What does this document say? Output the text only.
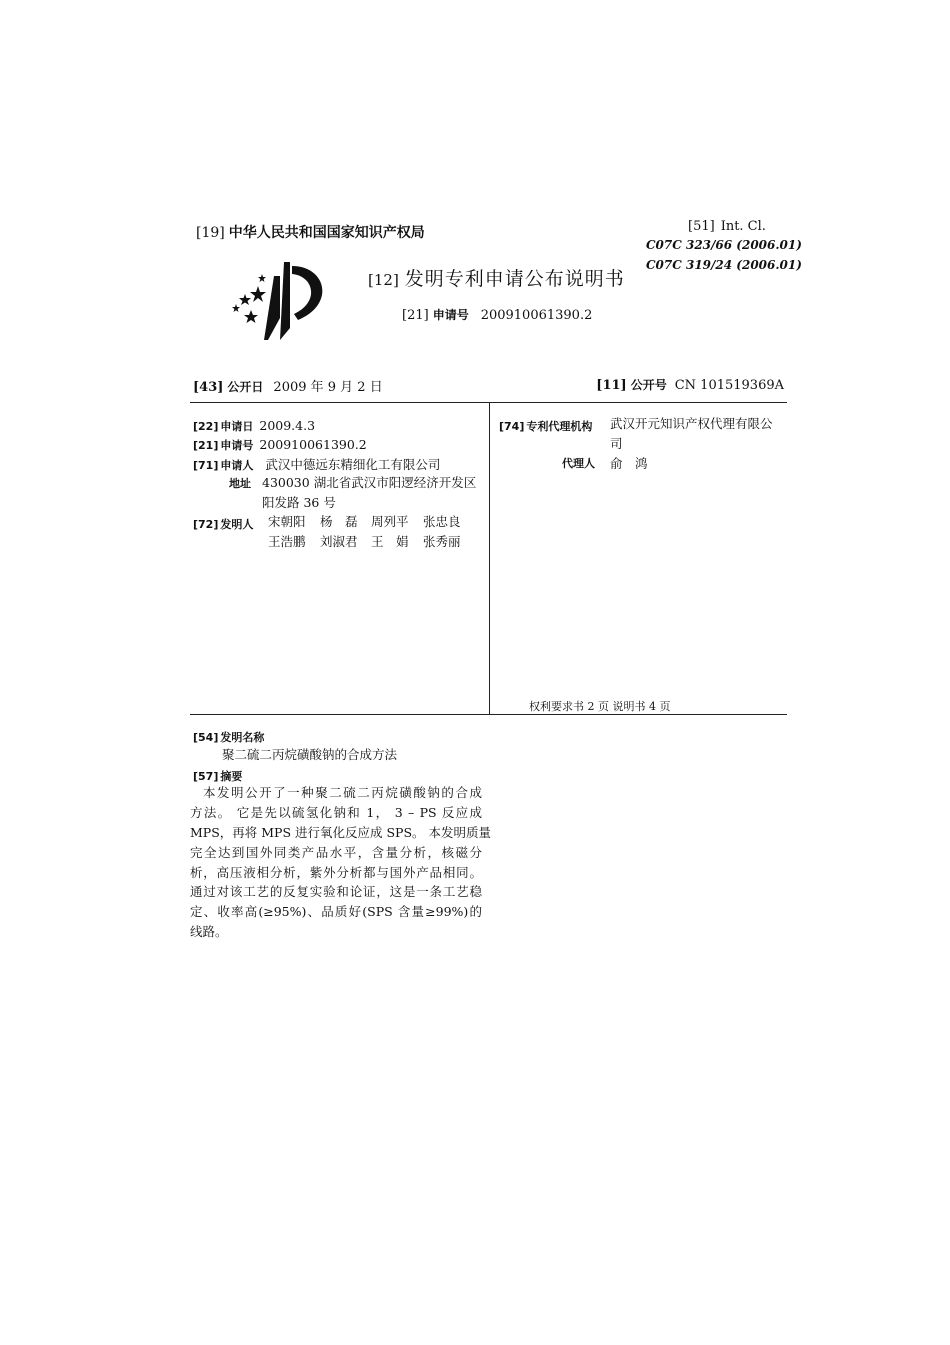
[19] 中华人民共和国国家知识产权局	[51] Int. Cl.
C07C 323/66 (2006.01)
C07C 319/24 (2006.01)
[12] 发明专利申请公布说明书
[21] 申请号 200910061390.2
[43] 公开日 2009 年 9 月 2 日	[11] 公开号 CN 101519369A
[22] 申请日 2009.4.3
[21] 申请号 200910061390.2
[71] 申请人 武汉中德远东精细化工有限公司
地址 430030 湖北省武汉市阳逻经济开发区
阳发路 36 号
[72] 发明人 宋朝阳 杨　磊 周列平 张忠良
王浩鹏 刘淑君 王　娟 张秀丽
[74] 专利代理机构 武汉开元知识产权代理有限公
司
代理人 俞　鸿
权利要求书 2 页 说明书 4 页
[54] 发明名称
聚二硫二丙烷磺酸钠的合成方法
[57] 摘要
本发明公开了一种聚二硫二丙烷磺酸钠的合成
方法。 它是先以硫氢化钠和 1， 3 – PS 反应成
MPS，再将 MPS 进行氧化反应成 SPS。 本发明质量
完全达到国外同类产品水平，含量分析，核磁分
析，高压液相分析，紫外分析都与国外产品相同。
通过对该工艺的反复实验和论证，这是一条工艺稳
定、收率高(≥95%)、品质好(SPS 含量≥99%)的
线路。
